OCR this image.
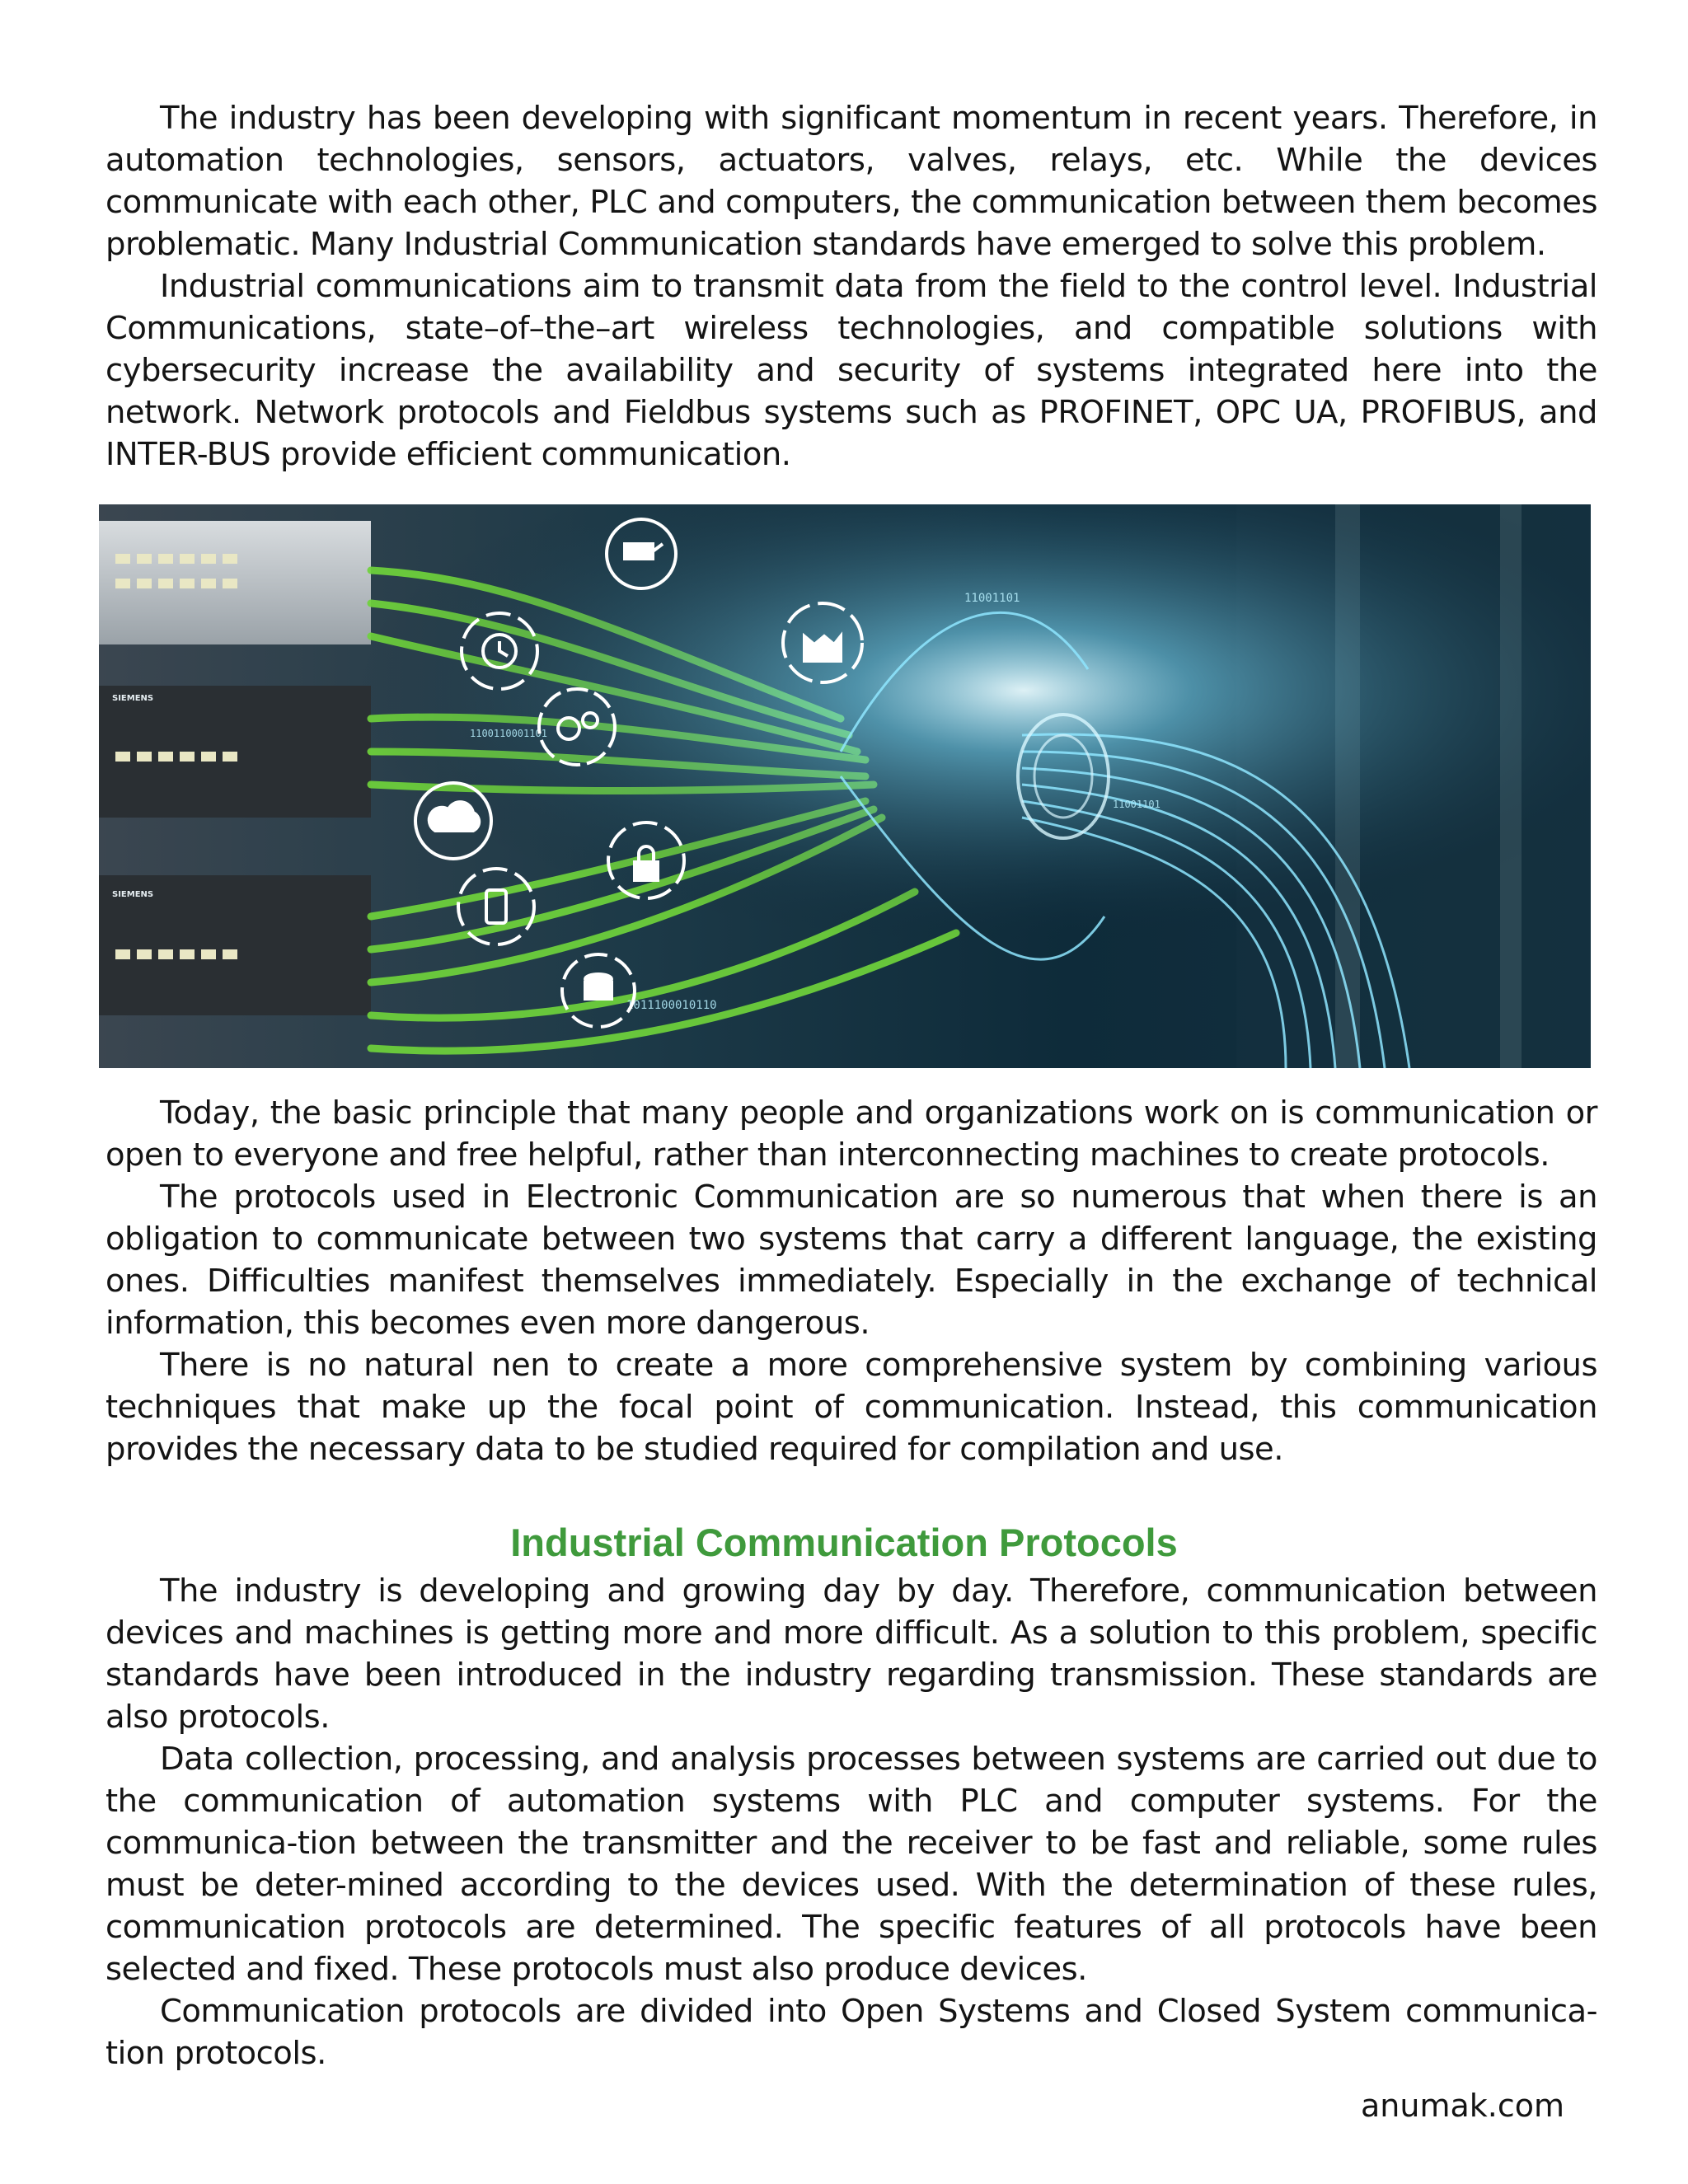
The industry has been developing with significant momentum in recent years. Therefore, in automation technologies, sensors, actuators, valves, relays, etc. While the devices communicate with each other, PLC and computers, the communication between them becomes problematic. Many Industrial Communication standards have emerged to solve this problem.

Industrial communications aim to transmit data from the field to the control level. Industrial Communications, state–of–the–art wireless technologies, and compatible solutions with cybersecurity increase the availability and security of systems integrated here into the network. Network protocols and Fieldbus systems such as PROFINET, OPC UA, PROFIBUS, and INTER-BUS provide efficient communication.

11001101
11001101
1100110001101
1011100010110

Today, the basic principle that many people and organizations work on is communication or open to everyone and free helpful, rather than interconnecting machines to create protocols.

The protocols used in Electronic Communication are so numerous that when there is an obligation to communicate between two systems that carry a different language, the existing ones. Difficulties manifest themselves immediately. Especially in the exchange of technical information, this becomes even more dangerous.

There is no natural nen to create a more comprehensive system by combining various techniques that make up the focal point of communication. Instead, this communication provides the necessary data to be studied required for compilation and use.

Industrial Communication Protocols

The industry is developing and growing day by day. Therefore, communication between devices and machines is getting more and more difficult. As a solution to this problem, specific standards have been introduced in the industry regarding transmission. These standards are also protocols.

Data collection, processing, and analysis processes between systems are carried out due to the communication of automation systems with PLC and computer systems. For the communica-tion between the transmitter and the receiver to be fast and reliable, some rules must be deter-mined according to the devices used. With the determination of these rules, communication protocols are determined. The specific features of all protocols have been selected and fixed. These protocols must also produce devices.

Communication protocols are divided into Open Systems and Closed System communica-tion protocols.

anumak.com
